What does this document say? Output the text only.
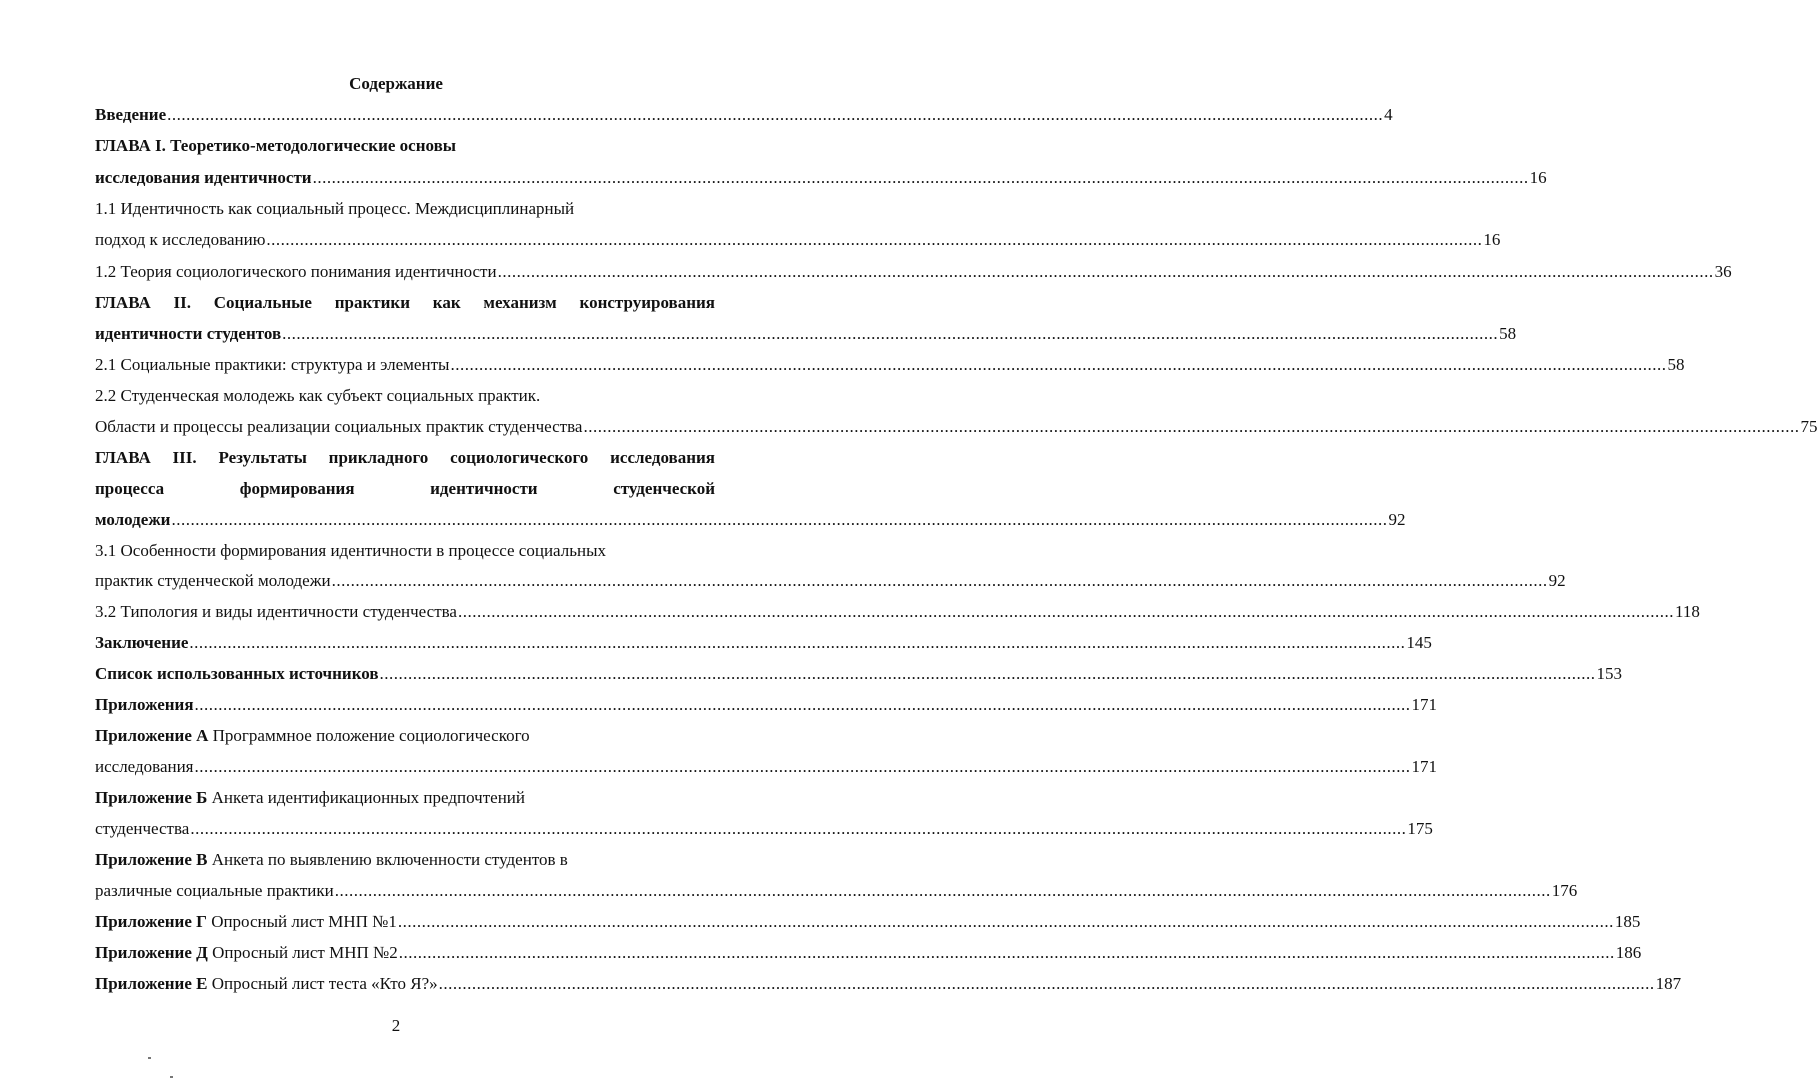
Содержание
Введение ................................................................................................................................................................................................................................................................ 4
ГЛАВА I. Теоретико-методологические основы
исследования идентичности ................................................................................................................................................................................................................................................................ 16
1.1 Идентичность как социальный процесс. Междисциплинарный
подход к исследованию ................................................................................................................................................................................................................................................................ 16
1.2 Теория социологического понимания идентичности ................................................................................................................................................................................................................................................................ 36
ГЛАВА II. Социальные практики как механизм конструирования
идентичности студентов ................................................................................................................................................................................................................................................................ 58
2.1 Социальные практики: структура и элементы ................................................................................................................................................................................................................................................................ 58
2.2 Студенческая молодежь как субъект социальных практик.
Области и процессы реализации социальных практик студенчества ................................................................................................................................................................................................................................................................ 75
ГЛАВА III. Результаты прикладного социологического исследования
процесса	формирования	идентичности	студенческой
молодежи ................................................................................................................................................................................................................................................................ 92
3.1 Особенности формирования идентичности в процессе социальных
практик студенческой молодежи ................................................................................................................................................................................................................................................................ 92
3.2 Типология и виды идентичности студенчества ................................................................................................................................................................................................................................................................ 118
Заключение ................................................................................................................................................................................................................................................................ 145
Список использованных источников ................................................................................................................................................................................................................................................................ 153
Приложения ................................................................................................................................................................................................................................................................ 171
Приложение А Программное положение социологического
исследования ................................................................................................................................................................................................................................................................ 171
Приложение Б Анкета идентификационных предпочтений
студенчества ................................................................................................................................................................................................................................................................ 175
Приложение В Анкета по выявлению включенности студентов в
различные социальные практики ................................................................................................................................................................................................................................................................ 176
Приложение Г Опросный лист МНП №1 ................................................................................................................................................................................................................................................................ 185
Приложение Д Опросный лист МНП №2 ................................................................................................................................................................................................................................................................ 186
Приложение Е Опросный лист теста «Кто Я?» ................................................................................................................................................................................................................................................................ 187
2
